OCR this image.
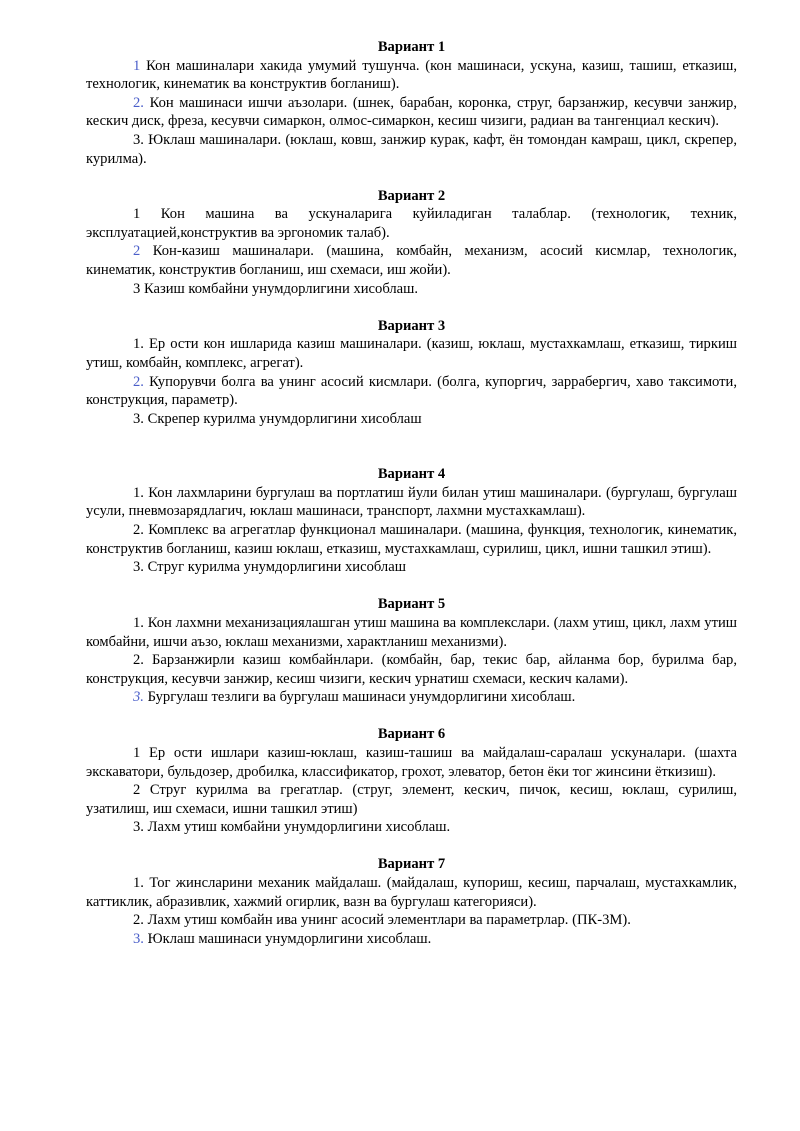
Вариант 1

1 Кон машиналари хакида умумий тушунча. (кон машинаси, ускуна, казиш, ташиш, етказиш, технологик, кинематик ва конструктив богланиш).

2. Кон машинаси ишчи аъзолари. (шнек, барабан, коронка, струг, барзанжир, кесувчи занжир, кескич диск, фреза, кесувчи симаркон, олмос-симаркон, кесиш чизиги, радиан ва тангенциал кескич).

3. Юклаш машиналари. (юклаш, ковш, занжир курак, кафт, ён томондан камраш, цикл, скрепер, курилма).

Вариант 2

1 Кон машина ва ускуналарига куйиладиган талаблар. (технологик, техник, эксплуатацией,конструктив ва эргономик талаб).

2 Кон-казиш машиналари. (машина, комбайн, механизм, асосий кисмлар, технологик, кинематик, конструктив богланиш, иш схемаси, иш жойи).

3 Казиш комбайни унумдорлигини хисоблаш.

Вариант 3

1. Ер ости кон ишларида казиш машиналари. (казиш, юклаш, мустахкамлаш, етказиш, тиркиш утиш, комбайн, комплекс, агрегат).

2. Купорувчи болга ва унинг асосий кисмлари. (болга, купоргич, заррабергич, хаво таксимоти, конструкция, параметр).

3. Скрепер курилма унумдорлигини хисоблаш

Вариант 4

1. Кон лахмларини бургулаш ва портлатиш йули билан утиш машиналари. (бургулаш, бургулаш усули, пневмозарядлагич, юклаш машинаси, транспорт, лахмни мустахкамлаш).

2. Комплекс ва агрегатлар функционал машиналари. (машина, функция, технологик, кинематик, конструктив богланиш, казиш юклаш, етказиш, мустахкамлаш, сурилиш, цикл, ишни ташкил этиш).

3. Струг курилма унумдорлигини хисоблаш

Вариант 5

1. Кон лахмни механизациялашган утиш машина ва комплекслари. (лахм утиш, цикл, лахм утиш комбайни, ишчи аъзо, юклаш механизми, характланиш механизми).

2. Барзанжирли казиш комбайнлари. (комбайн, бар, текис бар, айланма бор, бурилма бар, конструкция, кесувчи занжир, кесиш чизиги, кескич урнатиш схемаси, кескич калами).

3. Бургулаш тезлиги ва бургулаш машинаси унумдорлигини хисоблаш.

Вариант 6

1 Ер ости ишлари казиш-юклаш, казиш-ташиш ва майдалаш-саралаш ускуналари. (шахта экскаватори, бульдозер, дробилка, классификатор, грохот, элеватор, бетон ёки тог жинсини ёткизиш).

2 Струг курилма ва грегатлар. (струг, элемент, кескич, пичок, кесиш, юклаш, сурилиш, узатилиш, иш схемаси, ишни ташкил этиш)

3. Лахм утиш комбайни унумдорлигини хисоблаш.

Вариант 7

1. Тог жинсларини механик майдалаш. (майдалаш, купориш, кесиш, парчалаш, мустахкамлик, каттиклик, абразивлик, хажмий огирлик, вазн ва бургулаш категорияси).

2. Лахм утиш комбайн ива унинг асосий элементлари ва параметрлар. (ПК-3М).

3. Юклаш машинаси унумдорлигини хисоблаш.
